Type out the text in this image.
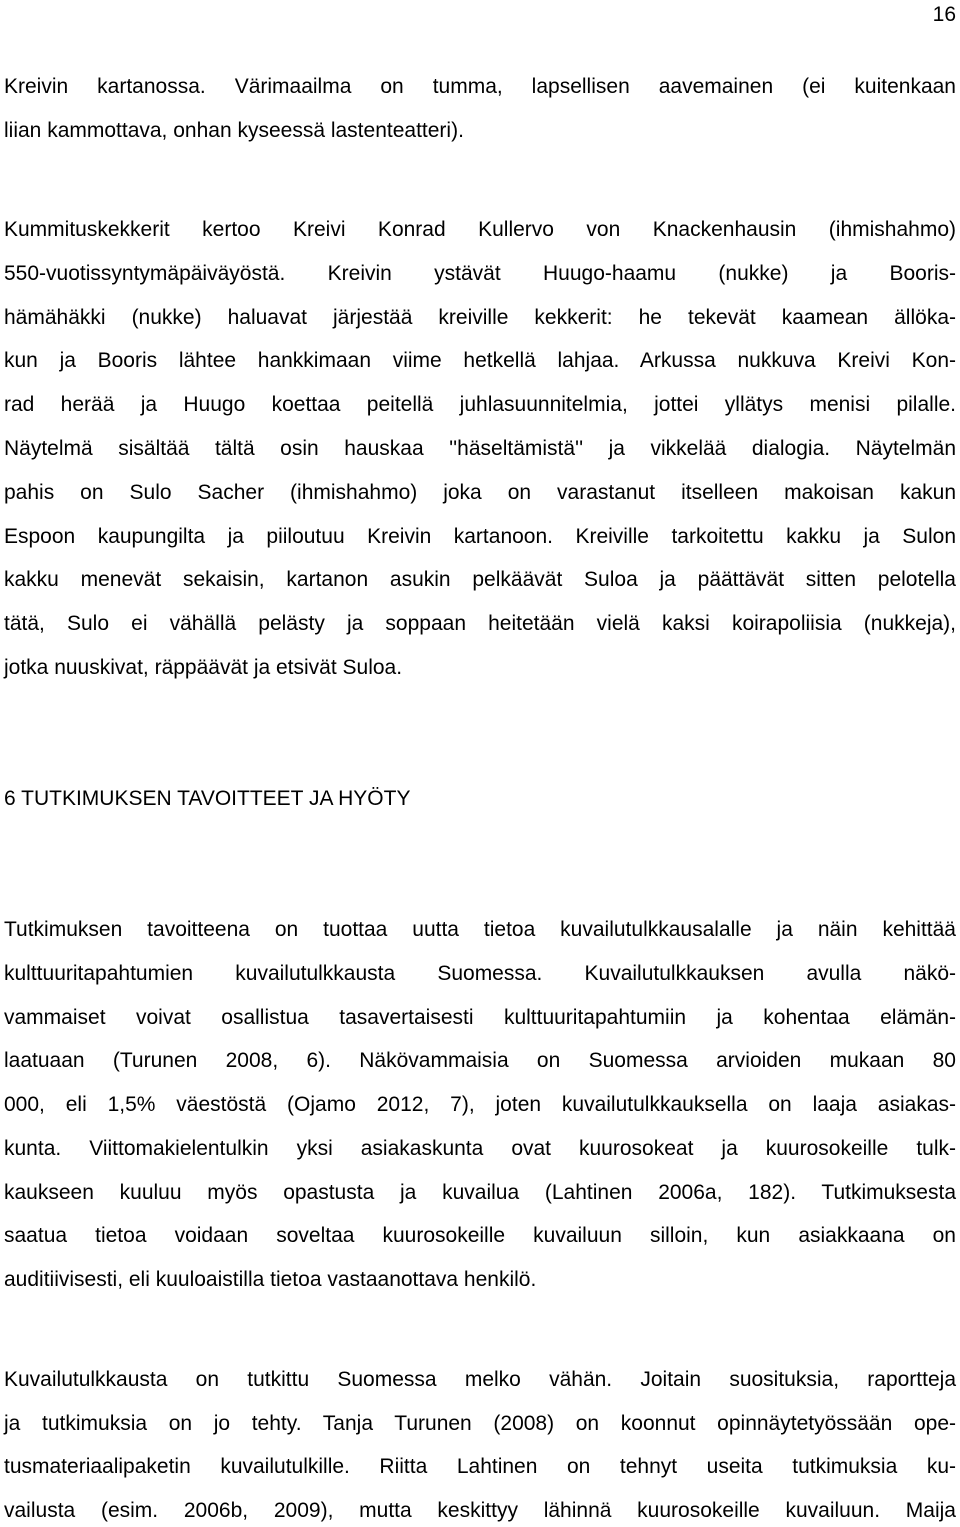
16
Kreivin kartanossa. Värimaailma on tumma, lapsellisen aavemainen (ei kuitenkaan
liian kammottava, onhan kyseessä lastenteatteri).
Kummituskekkerit kertoo Kreivi Konrad Kullervo von Knackenhausin (ihmishahmo)
550-vuotissyntymäpäiväyöstä. Kreivin ystävät Huugo-haamu (nukke) ja Booris-
hämähäkki (nukke) haluavat järjestää kreiville kekkerit: he tekevät kaamean ällöka-
kun ja Booris lähtee hankkimaan viime hetkellä lahjaa. Arkussa nukkuva Kreivi Kon-
rad herää ja Huugo koettaa peitellä juhlasuunnitelmia, jottei yllätys menisi pilalle.
Näytelmä sisältää tältä osin hauskaa ''häseltämistä'' ja vikkelää dialogia. Näytelmän
pahis on Sulo Sacher (ihmishahmo) joka on varastanut itselleen makoisan kakun
Espoon kaupungilta ja piiloutuu Kreivin kartanoon. Kreiville tarkoitettu kakku ja Sulon
kakku menevät sekaisin, kartanon asukin pelkäävät Suloa ja päättävät sitten pelotella
tätä, Sulo ei vähällä pelästy ja soppaan heitetään vielä kaksi koirapoliisia (nukkeja),
jotka nuuskivat, räppäävät ja etsivät Suloa.
6 TUTKIMUKSEN TAVOITTEET JA HYÖTY
Tutkimuksen tavoitteena on tuottaa uutta tietoa kuvailutulkkausalalle ja näin kehittää
kulttuuritapahtumien kuvailutulkkausta Suomessa. Kuvailutulkkauksen avulla näkö-
vammaiset voivat osallistua tasavertaisesti kulttuuritapahtumiin ja kohentaa elämän-
laatuaan (Turunen 2008, 6). Näkövammaisia on Suomessa arvioiden mukaan 80
000, eli 1,5% väestöstä (Ojamo 2012, 7), joten kuvailutulkkauksella on laaja asiakas-
kunta. Viittomakielentulkin yksi asiakaskunta ovat kuurosokeat ja kuurosokeille tulk-
kaukseen kuuluu myös opastusta ja kuvailua (Lahtinen 2006a, 182). Tutkimuksesta
saatua tietoa voidaan soveltaa kuurosokeille kuvailuun silloin, kun asiakkaana on
auditiivisesti, eli kuuloaistilla tietoa vastaanottava henkilö.
Kuvailutulkkausta on tutkittu Suomessa melko vähän. Joitain suosituksia, raportteja
ja tutkimuksia on jo tehty. Tanja Turunen (2008) on koonnut opinnäytetyössään ope-
tusmateriaalipaketin kuvailutulkille. Riitta Lahtinen on tehnyt useita tutkimuksia ku-
vailusta (esim. 2006b, 2009), mutta keskittyy lähinnä kuurosokeille kuvailuun. Maija
